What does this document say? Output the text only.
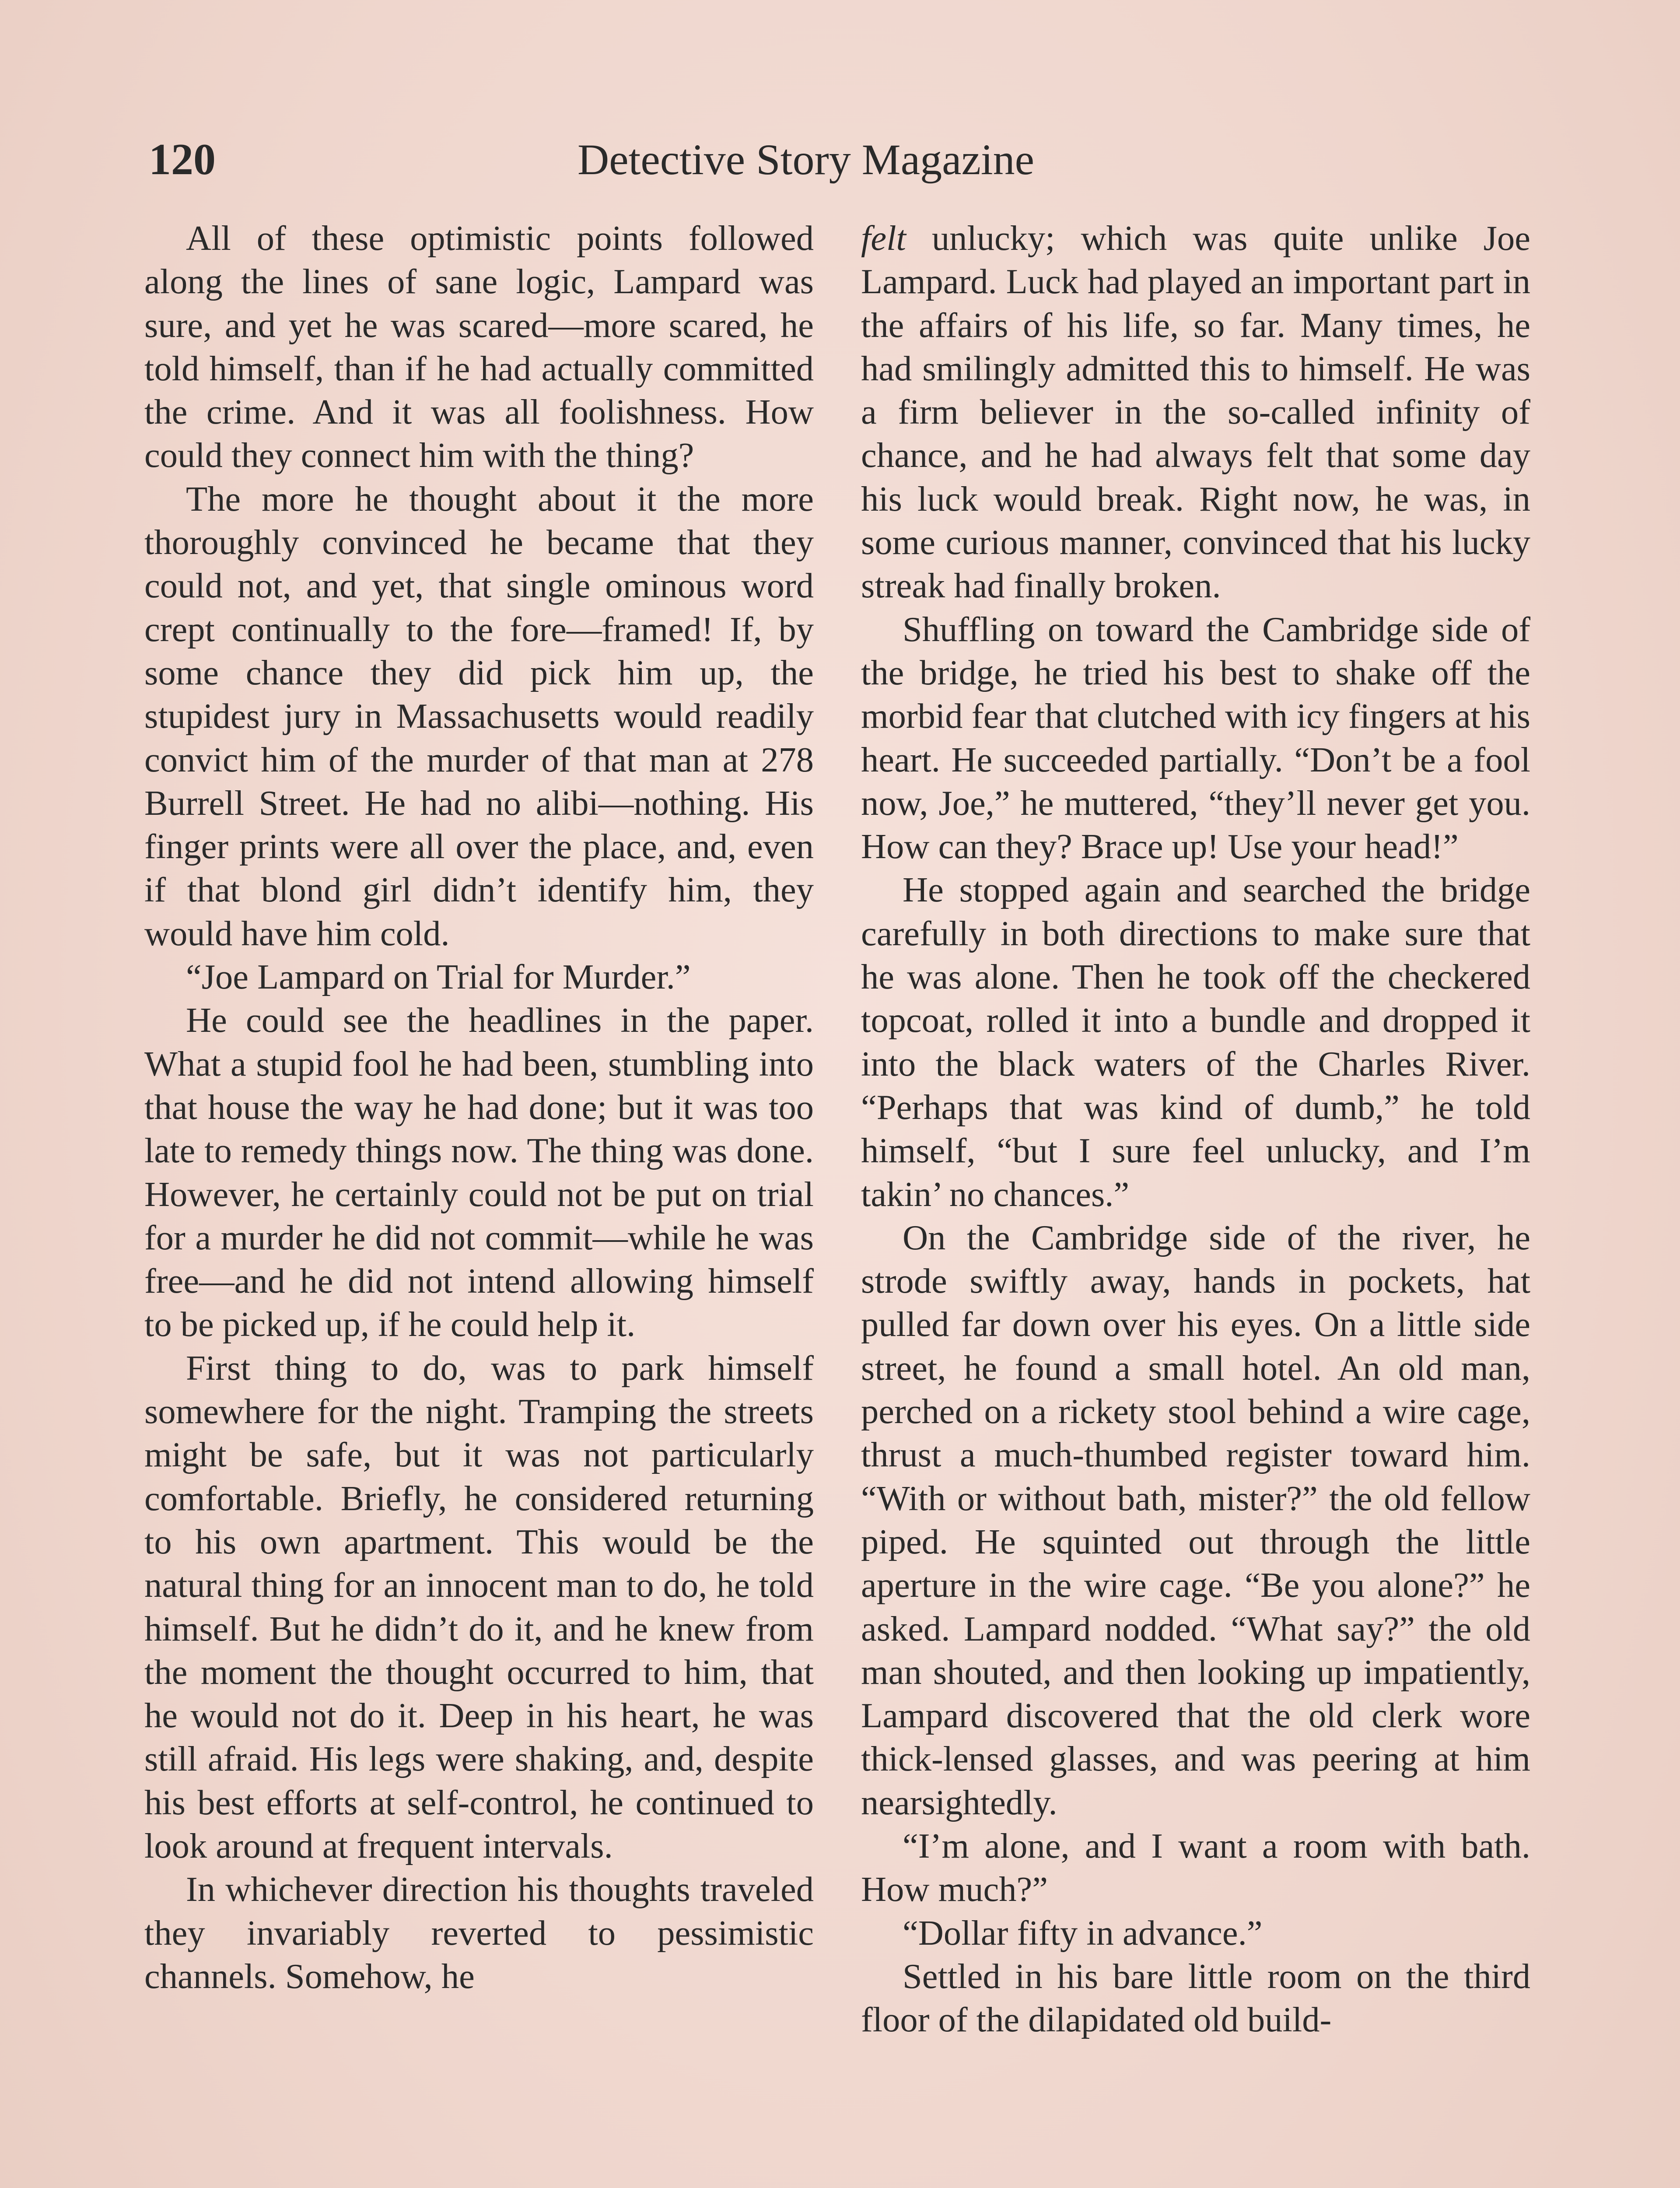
120	Detective Story Magazine

All of these optimistic points followed along the lines of sane logic, Lampard was sure, and yet he was scared—more scared, he told himself, than if he had actually committed the crime. And it was all foolishness. How could they connect him with the thing?

The more he thought about it the more thoroughly convinced he became that they could not, and yet, that single ominous word crept continually to the fore—framed! If, by some chance they did pick him up, the stupidest jury in Massachusetts would readily convict him of the murder of that man at 278 Burrell Street. He had no alibi—nothing. His finger prints were all over the place, and, even if that blond girl didn’t identify him, they would have him cold.

“Joe Lampard on Trial for Murder.”

He could see the headlines in the paper. What a stupid fool he had been, stumbling into that house the way he had done; but it was too late to remedy things now. The thing was done. However, he certainly could not be put on trial for a murder he did not commit—while he was free—and he did not intend allowing himself to be picked up, if he could help it.

First thing to do, was to park himself somewhere for the night. Tramping the streets might be safe, but it was not particularly comfortable. Briefly, he considered returning to his own apartment. This would be the natural thing for an innocent man to do, he told himself. But he didn’t do it, and he knew from the moment the thought occurred to him, that he would not do it. Deep in his heart, he was still afraid. His legs were shaking, and, despite his best efforts at self-control, he continued to look around at frequent intervals.

In whichever direction his thoughts traveled they invariably reverted to pessimistic channels. Somehow, he

felt unlucky; which was quite unlike Joe Lampard. Luck had played an important part in the affairs of his life, so far. Many times, he had smilingly admitted this to himself. He was a firm believer in the so-called infinity of chance, and he had always felt that some day his luck would break. Right now, he was, in some curious manner, convinced that his lucky streak had finally broken.

Shuffling on toward the Cambridge side of the bridge, he tried his best to shake off the morbid fear that clutched with icy fingers at his heart. He succeeded partially. “Don’t be a fool now, Joe,” he muttered, “they’ll never get you. How can they? Brace up! Use your head!”

He stopped again and searched the bridge carefully in both directions to make sure that he was alone. Then he took off the checkered topcoat, rolled it into a bundle and dropped it into the black waters of the Charles River. “Perhaps that was kind of dumb,” he told himself, “but I sure feel unlucky, and I’m takin’ no chances.”

On the Cambridge side of the river, he strode swiftly away, hands in pockets, hat pulled far down over his eyes. On a little side street, he found a small hotel. An old man, perched on a rickety stool behind a wire cage, thrust a much-thumbed register toward him. “With or without bath, mister?” the old fellow piped. He squinted out through the little aperture in the wire cage. “Be you alone?” he asked. Lampard nodded. “What say?” the old man shouted, and then looking up impatiently, Lampard discovered that the old clerk wore thick-lensed glasses, and was peering at him nearsightedly.

“I’m alone, and I want a room with bath. How much?”

“Dollar fifty in advance.”

Settled in his bare little room on the third floor of the dilapidated old build-
